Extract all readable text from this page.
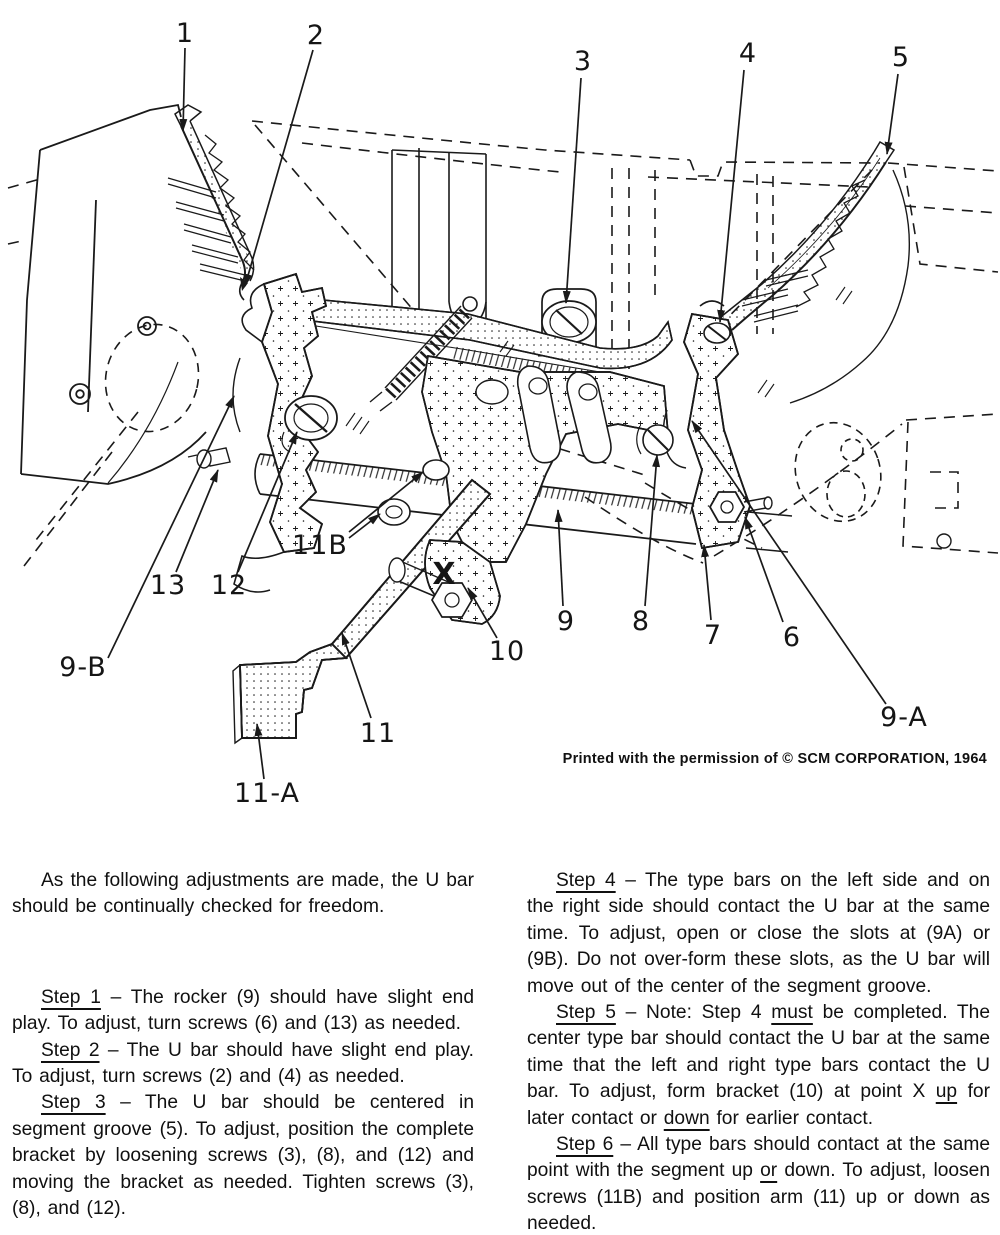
1	2
3	4	5
9-B
13 12
11B
10
9 8 7 6
9-A
11
11-A
X
Printed with the permission of © SCM CORPORATION, 1964

As the following adjustments are made, the U bar should be continually checked for freedom.

Step 1 – The rocker (9) should have slight end play. To adjust, turn screws (6) and (13) as needed.

Step 2 – The U bar should have slight end play. To adjust, turn screws (2) and (4) as needed.

Step 3 – The U bar should be centered in segment groove (5). To adjust, position the complete bracket by loosening screws (3), (8), and (12) and moving the bracket as needed. Tighten screws (3), (8), and (12).

Step 4 – The type bars on the left side and on the right side should contact the U bar at the same time. To adjust, open or close the slots at (9A) or (9B). Do not over-form these slots, as the U bar will move out of the center of the segment groove.

Step 5 – Note: Step 4 must be completed. The center type bar should contact the U bar at the same time that the left and right type bars contact the U bar. To adjust, form bracket (10) at point X up for later contact or down for earlier contact.

Step 6 – All type bars should contact at the same point with the segment up or down. To adjust, loosen screws (11B) and position arm (11) up or down as needed.
